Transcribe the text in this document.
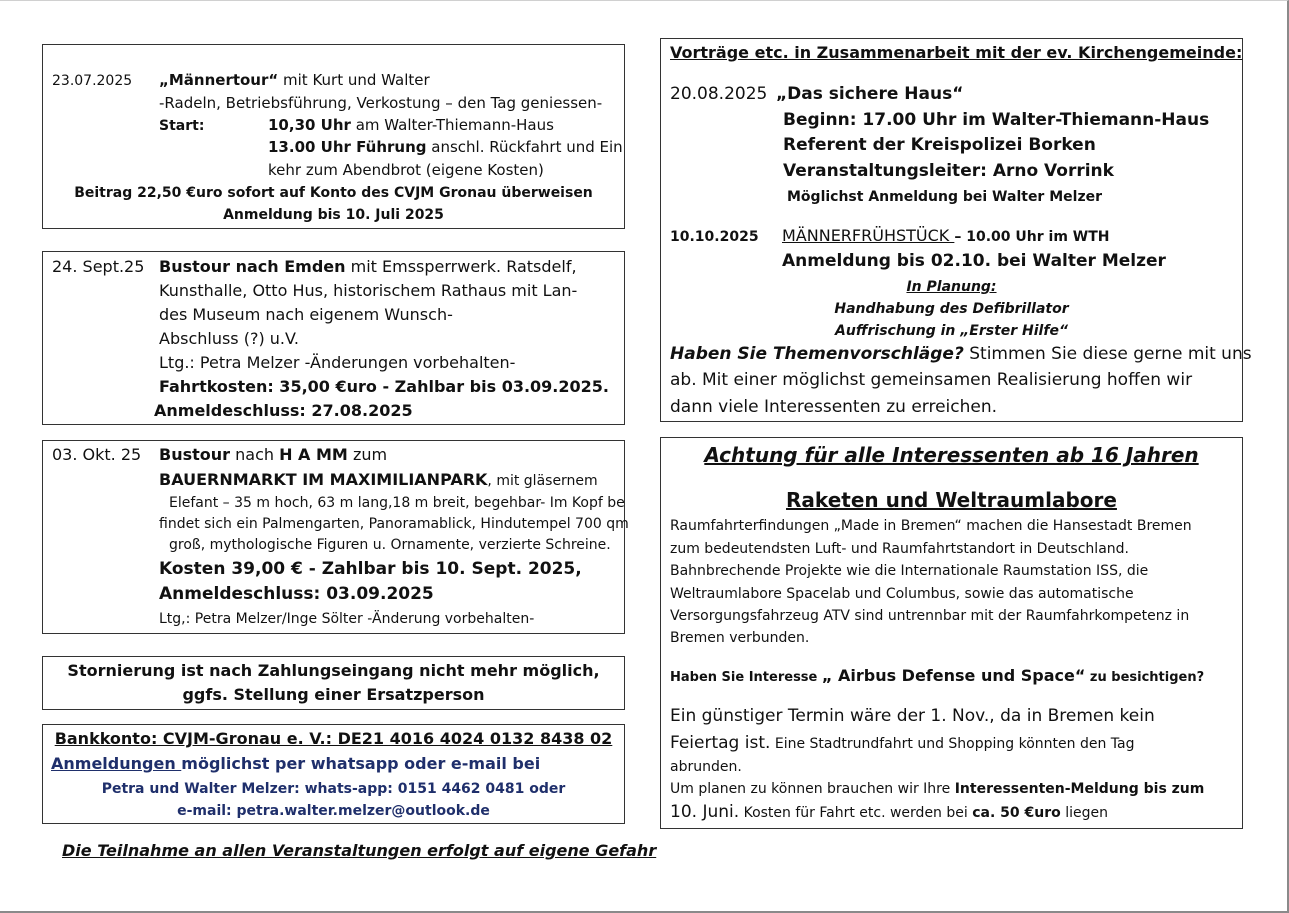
23.07.2025 „Männertour“ mit Kurt und Walter
-Radeln, Betriebsführung, Verkostung – den Tag geniessen-
Start:	10,30 Uhr am Walter-Thiemann-Haus
13.00 Uhr Führung anschl. Rückfahrt und Ein
kehr zum Abendbrot (eigene Kosten)
Beitrag 22,50 €uro sofort auf Konto des CVJM Gronau überweisen
Anmeldung bis 10. Juli 2025
24. Sept.25 Bustour nach Emden mit Emssperrwerk. Ratsdelf,
Kunsthalle, Otto Hus, historischem Rathaus mit Lan-
des Museum nach eigenem Wunsch-
Abschluss (?) u.V.
Ltg.: Petra Melzer -Änderungen vorbehalten-
Fahrtkosten: 35,00 €uro - Zahlbar bis 03.09.2025.
Anmeldeschluss: 27.08.2025
03. Okt. 25 Bustour nach H A MM zum
BAUERNMARKT IM MAXIMILIANPARK, mit gläsernem
Elefant – 35 m hoch, 63 m lang,18 m breit, begehbar- Im Kopf be
findet sich ein Palmengarten, Panoramablick, Hindutempel 700 qm
groß, mythologische Figuren u. Ornamente, verzierte Schreine.
Kosten 39,00 € - Zahlbar bis 10. Sept. 2025,
Anmeldeschluss: 03.09.2025
Ltg,: Petra Melzer/Inge Sölter -Änderung vorbehalten-
Stornierung ist nach Zahlungseingang nicht mehr möglich,
ggfs. Stellung einer Ersatzperson
Bankkonto: CVJM-Gronau e. V.: DE21 4016 4024 0132 8438 02
Anmeldungen möglichst per whatsapp oder e-mail bei
Petra und Walter Melzer: whats-app: 0151 4462 0481 oder
e-mail: petra.walter.melzer@outlook.de
Die Teilnahme an allen Veranstaltungen erfolgt auf eigene Gefahr
Vorträge etc. in Zusammenarbeit mit der ev. Kirchengemeinde:
20.08.2025 „Das sichere Haus“
Beginn: 17.00 Uhr im Walter-Thiemann-Haus
Referent der Kreispolizei Borken
Veranstaltungsleiter: Arno Vorrink
Möglichst Anmeldung bei Walter Melzer
10.10.2025 MÄNNERFRÜHSTÜCK – 10.00 Uhr im WTH
Anmeldung bis 02.10. bei Walter Melzer
In Planung:
Handhabung des Defibrillator
Auffrischung in „Erster Hilfe“
Haben Sie Themenvorschläge? Stimmen Sie diese gerne mit uns
ab. Mit einer möglichst gemeinsamen Realisierung hoffen wir
dann viele Interessenten zu erreichen.
Achtung für alle Interessenten ab 16 Jahren
Raketen und Weltraumlabore
Raumfahrterfindungen „Made in Bremen“ machen die Hansestadt Bremen
zum bedeutendsten Luft- und Raumfahrtstandort in Deutschland.
Bahnbrechende Projekte wie die Internationale Raumstation ISS, die
Weltraumlabore Spacelab und Columbus, sowie das automatische
Versorgungsfahrzeug ATV sind untrennbar mit der Raumfahrkompetenz in
Bremen verbunden.
Haben Sie Interesse „ Airbus Defense und Space“ zu besichtigen?
Ein günstiger Termin wäre der 1. Nov., da in Bremen kein
Feiertag ist. Eine Stadtrundfahrt und Shopping könnten den Tag
abrunden.
Um planen zu können brauchen wir Ihre Interessenten-Meldung bis zum
10. Juni. Kosten für Fahrt etc. werden bei ca. 50 €uro liegen
